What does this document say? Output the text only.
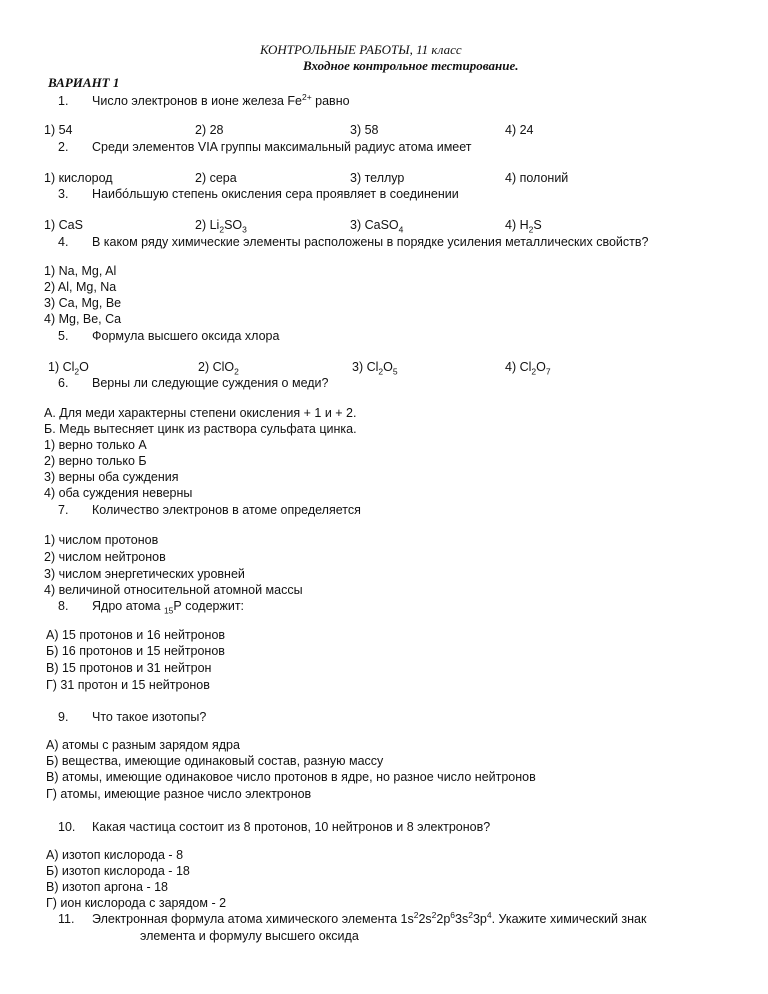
КОНТРОЛЬНЫЕ РАБОТЫ, 11 класс
Входное контрольное тестирование.
ВАРИАНТ 1
1. Число электронов в ионе железа $Fe^{2+}$ равно
1) 54	2) 28	3) 58	4) 24
2. Среди элементов VIA группы максимальный радиус атома имеет
1) кислород	2) сера	3) теллур	4) полоний
3. Наибо́льшую степень окисления сера проявляет в соединении
1) CaS	2) $Li_2SO_3$	3) CaSO$_4$	4) $H_2S$
4. В каком ряду химические элементы расположены в порядке усиления металлических свойств?
1) Na, Mg, Al
2) Al, Mg, Na
3) Ca, Mg, Be
4) Mg, Be, Ca
5. Формула высшего оксида хлора
1) $Cl_2O$	2) ClO$_2$	3) $Cl_2O_5$	4) $Cl_2O_7$
6. Верны ли следующие суждения о меди?
А. Для меди характерны степени окисления + 1 и + 2.
Б. Медь вытесняет цинк из раствора сульфата цинка.
1) верно только А
2) верно только Б
3) верны оба суждения
4) оба суждения неверны
7. Количество электронов в атоме определяется
1) числом протонов
2) числом нейтронов
3) числом энергетических уровней
4) величиной относительной атомной массы
8. Ядро атома $_{15}$Р содержит:
А) 15 протонов и 16 нейтронов
Б) 16 протонов и 15 нейтронов
В) 15 протонов и 31 нейтрон
Г) 31 протон и 15 нейтронов
9. Что такое изотопы?
А) атомы с разным зарядом ядра
Б) вещества, имеющие одинаковый состав, разную массу
В) атомы, имеющие одинаковое число протонов в ядре, но разное число нейтронов
Г) атомы, имеющие разное число электронов
10. Какая частица состоит из 8 протонов, 10 нейтронов и 8 электронов?
А) изотоп кислорода - 8
Б) изотоп кислорода - 18
В) изотоп аргона - 18
Г) ион кислорода с зарядом - 2
11. Электронная формула атома химического элемента $1s^22s^22p^63s^23p^4$. Укажите химический знак
элемента и формулу высшего оксида
